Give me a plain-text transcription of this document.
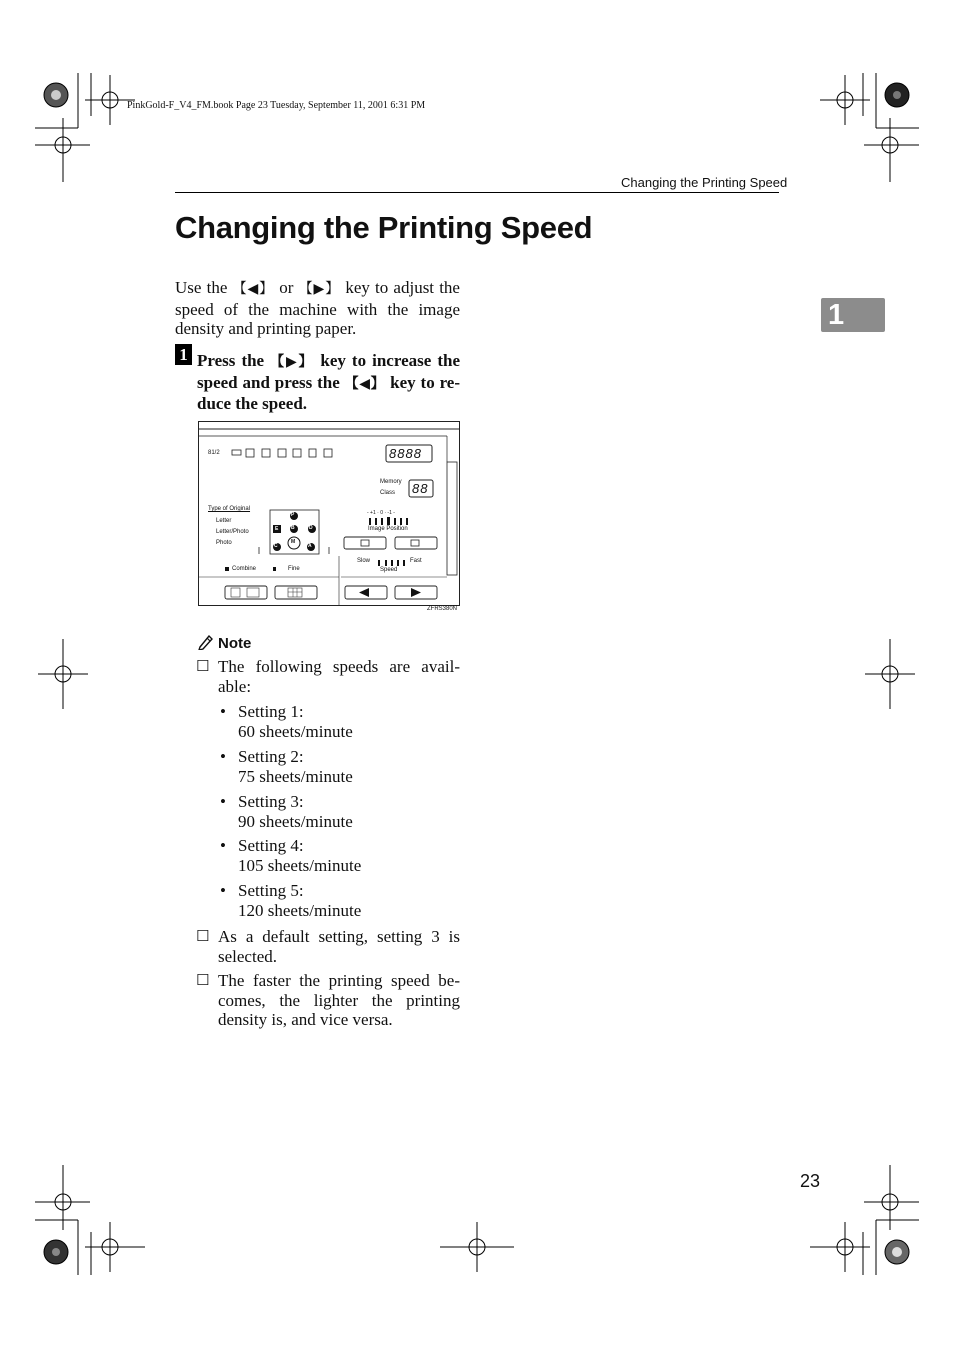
PinkGold-F_V4_FM.book Page 23 Tuesday, September 11, 2001 6:31 PM
Changing the Printing Speed
Changing the Printing Speed
1
Use the 【◀】 or 【▶】 key to adjust the
speed of the machine with the image
density and printing paper.
1 Press the 【▶】 key to increase the
speed and press the 【◀】 key to re-
duce the speed.
81/2	8888
Memory
Class 88
Type of Original
Letter
Letter/Photo
Photo
P
E	B	D
M
C	A
- +1 · 0 · -1 -
Image Position
Slow	Fast
Speed
Combine	Fine
ZFRS380N
Note
☐ The following speeds are avail-
able:
• Setting 1:
60 sheets/minute
• Setting 2:
75 sheets/minute
• Setting 3:
90 sheets/minute
• Setting 4:
105 sheets/minute
• Setting 5:
120 sheets/minute
☐ As a default setting, setting 3 is
selected.
☐ The faster the printing speed be-
comes, the lighter the printing
density is, and vice versa.
23
